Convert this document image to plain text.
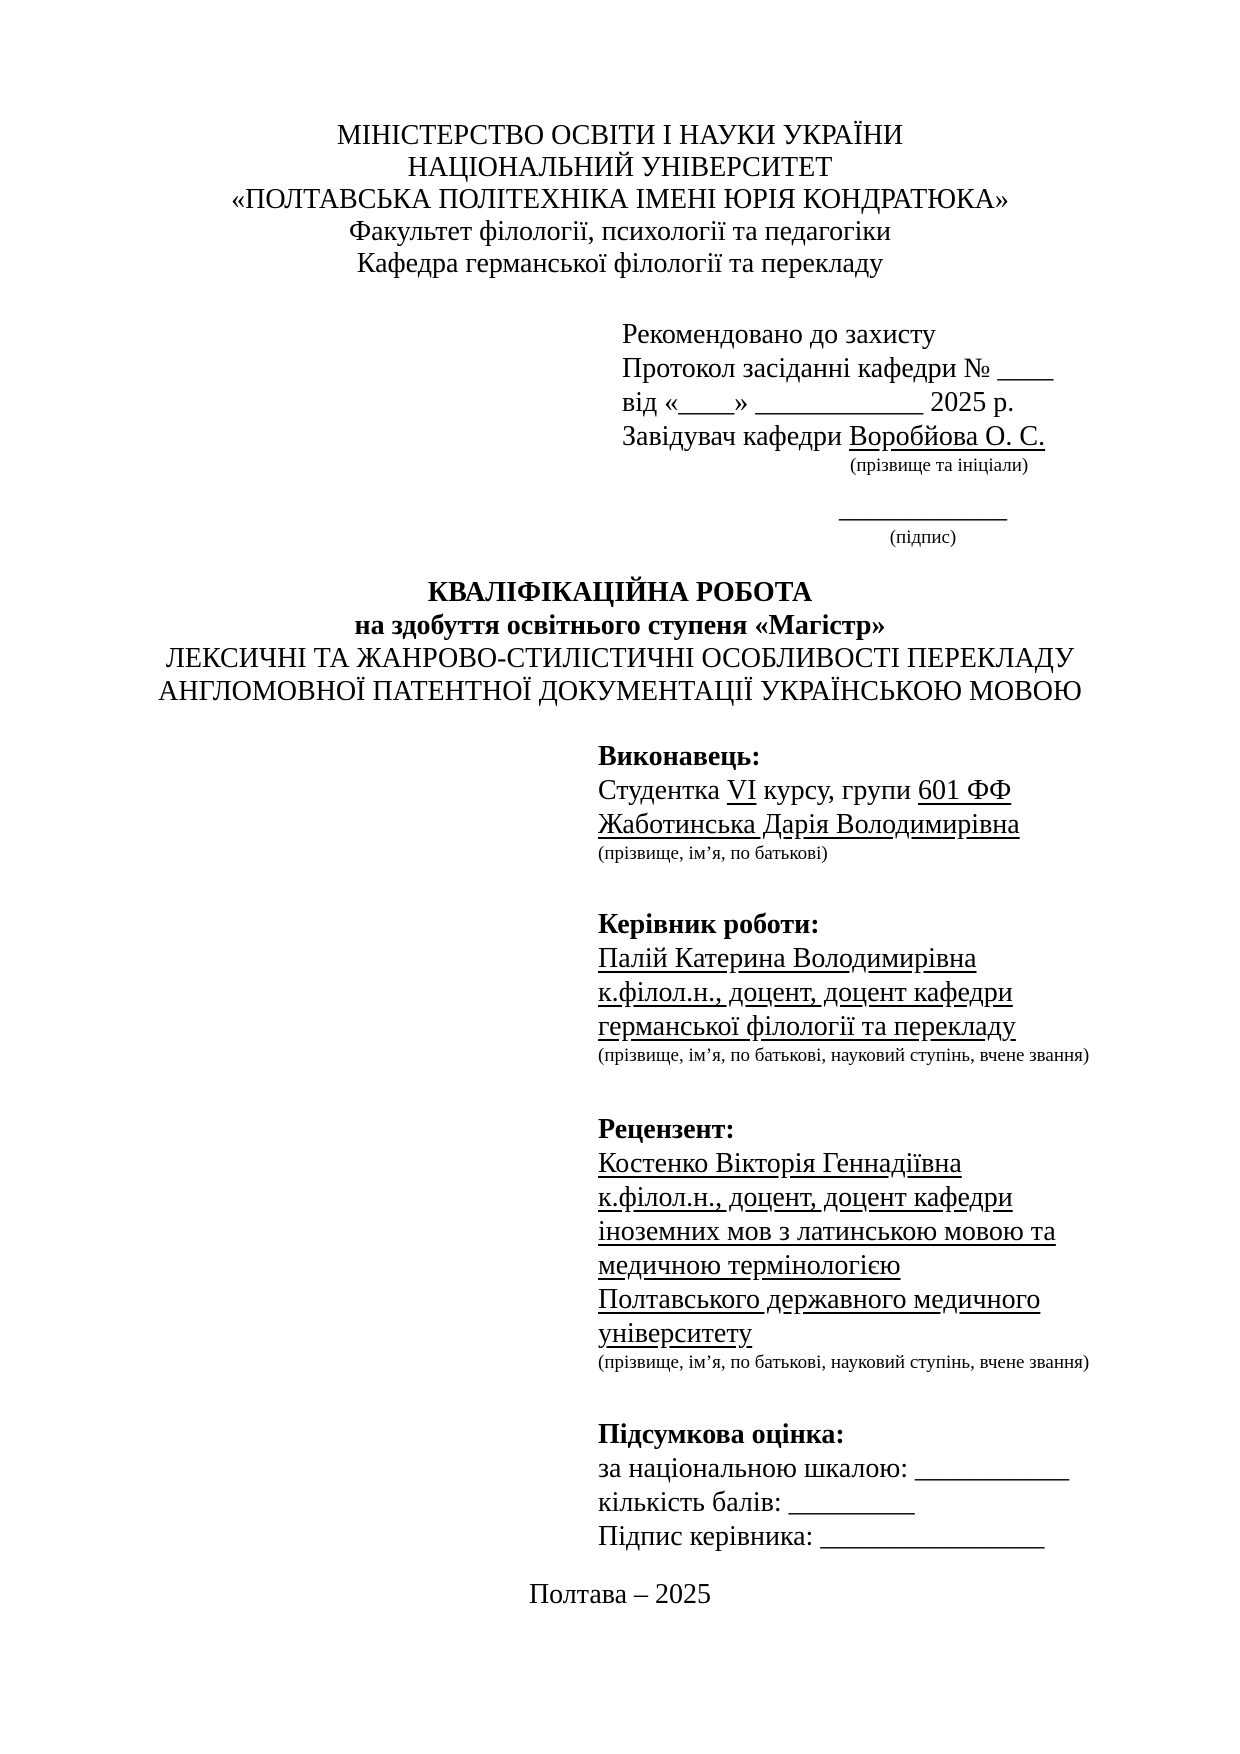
МІНІСТЕРСТВО ОСВІТИ І НАУКИ УКРАЇНИ
НАЦІОНАЛЬНИЙ УНІВЕРСИТЕТ
«ПОЛТАВСЬКА ПОЛІТЕХНІКА ІМЕНІ ЮРІЯ КОНДРАТЮКА»
Факультет філології, психології та педагогіки
Кафедра германської філології та перекладу
Рекомендовано до захисту
Протокол засіданні кафедри № ____
від «____» ____________ 2025 р.
Завідувач кафедри Воробйова О. С.
(прізвище та ініціали)
____________
(підпис)
КВАЛІФІКАЦІЙНА РОБОТА
на здобуття освітнього ступеня «Магістр»
ЛЕКСИЧНІ ТА ЖАНРОВО-СТИЛІСТИЧНІ ОСОБЛИВОСТІ ПЕРЕКЛАДУ
АНГЛОМОВНОЇ ПАТЕНТНОЇ ДОКУМЕНТАЦІЇ УКРАЇНСЬКОЮ МОВОЮ
Виконавець:
Студентка VI курсу, групи 601 ФФ
Жаботинська Дарія Володимирівна
(прізвище, ім’я, по батькові)
Керівник роботи:
Палій Катерина Володимирівна
к.філол.н., доцент, доцент кафедри
германської філології та перекладу
(прізвище, ім’я, по батькові, науковий ступінь, вчене звання)
Рецензент:
Костенко Вікторія Геннадіївна
к.філол.н., доцент, доцент кафедри
іноземних мов з латинською мовою та
медичною термінологією
Полтавського державного медичного
університету
(прізвище, ім’я, по батькові, науковий ступінь, вчене звання)
Підсумкова оцінка:
за національною шкалою: ___________
кількість балів: _________
Підпис керівника: ________________
Полтава – 2025
